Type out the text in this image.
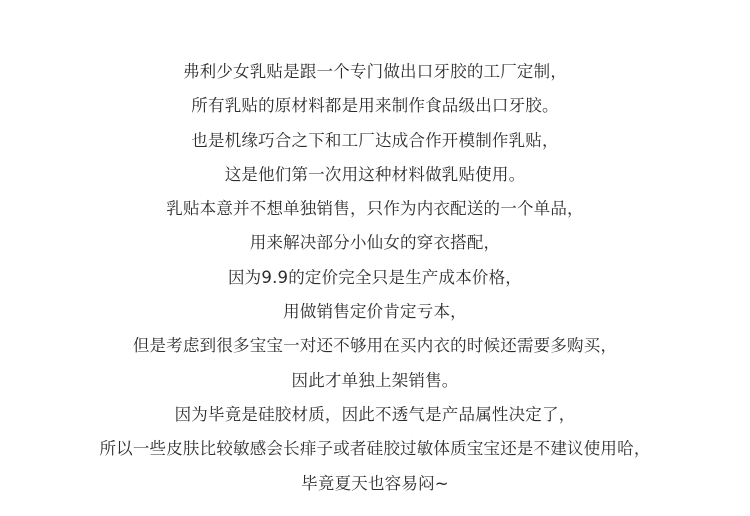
弗利少女乳贴是跟一个专门做出口牙胶的工厂定制，
所有乳贴的原材料都是用来制作食品级出口牙胶。
也是机缘巧合之下和工厂达成合作开模制作乳贴，
这是他们第一次用这种材料做乳贴使用。
乳贴本意并不想单独销售，只作为内衣配送的一个单品，
用来解决部分小仙女的穿衣搭配，
因为9.9的定价完全只是生产成本价格，
用做销售定价肯定亏本，
但是考虑到很多宝宝一对还不够用在买内衣的时候还需要多购买，
因此才单独上架销售。
因为毕竟是硅胶材质，因此不透气是产品属性决定了，
所以一些皮肤比较敏感会长痱子或者硅胶过敏体质宝宝还是不建议使用哈，
毕竟夏天也容易闷~
